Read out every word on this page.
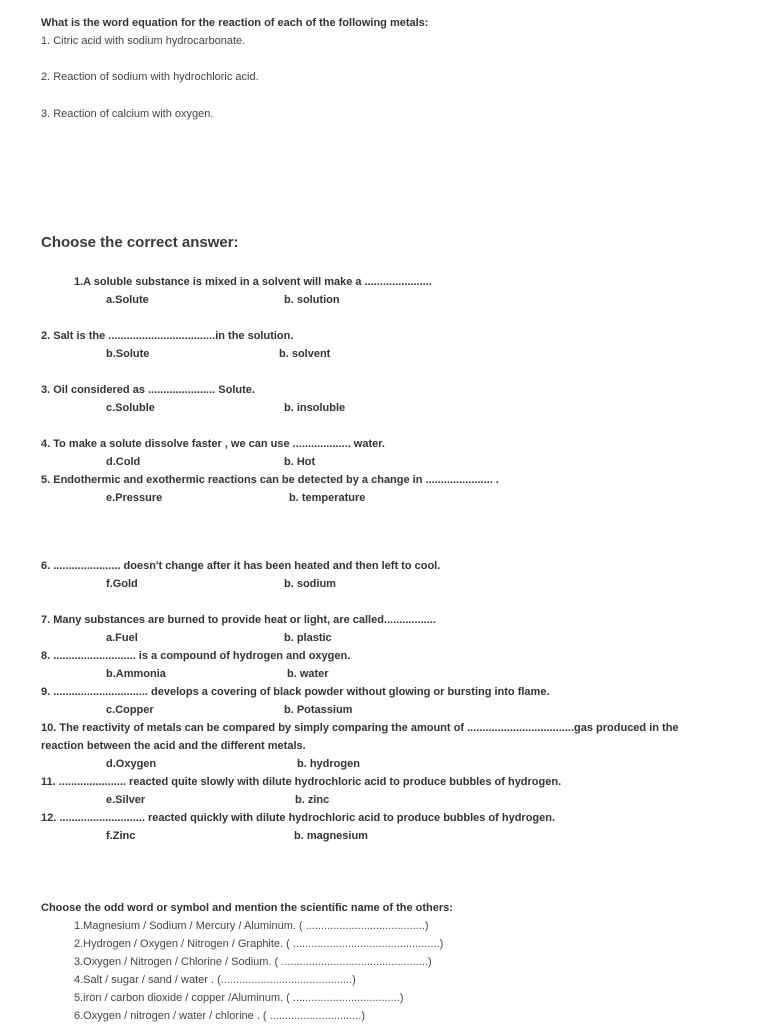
What is the word equation for the reaction of each of the following metals:
1. Citric acid with sodium hydrocarbonate.
2. Reaction of sodium with hydrochloric acid.
3. Reaction of calcium with oxygen.
Choose the correct answer:
1.A soluble substance is mixed in a solvent will make a ......................
a.Solute	b. solution
2. Salt is the ...................................in the solution.
b.Solute	b. solvent
3. Oil considered as ...................... Solute.
c.Soluble	b. insoluble
4. To make a solute dissolve faster , we can use ................... water.
d.Cold	b. Hot
5. Endothermic and exothermic reactions can be detected by a change in ...................... .
e.Pressure	b. temperature
6. ...................... doesn't change after it has been heated and then left to cool.
f.Gold	b. sodium
7. Many substances are burned to provide heat or light, are called.................
a.Fuel	b. plastic
8. ........................... is a compound of hydrogen and oxygen.
b.Ammonia	b. water
9. ............................... develops a covering of black powder without glowing or bursting into flame.
c.Copper	b. Potassium
10. The reactivity of metals can be compared by simply comparing the amount of ...................................gas produced in the
reaction between the acid and the different metals.
d.Oxygen	b. hydrogen
11. ...................... reacted quite slowly with dilute hydrochloric acid to produce bubbles of hydrogen.
e.Silver	b. zinc
12. ............................ reacted quickly with dilute hydrochloric acid to produce bubbles of hydrogen.
f.Zinc	b. magnesium
Choose the odd word or symbol and mention the scientific name of the others:
1.Magnesium / Sodium / Mercury / Aluminum. ( .......................................)
2.Hydrogen / Oxygen / Nitrogen / Graphite. ( ................................................)
3.Oxygen / Nitrogen / Chlorine / Sodium. ( ................................................)
4.Salt / sugar / sand / water . (...........................................)
5.iron / carbon dioxide / copper /Aluminum. ( ...................................)
6.Oxygen / nitrogen / water / chlorine . ( ..............................)
